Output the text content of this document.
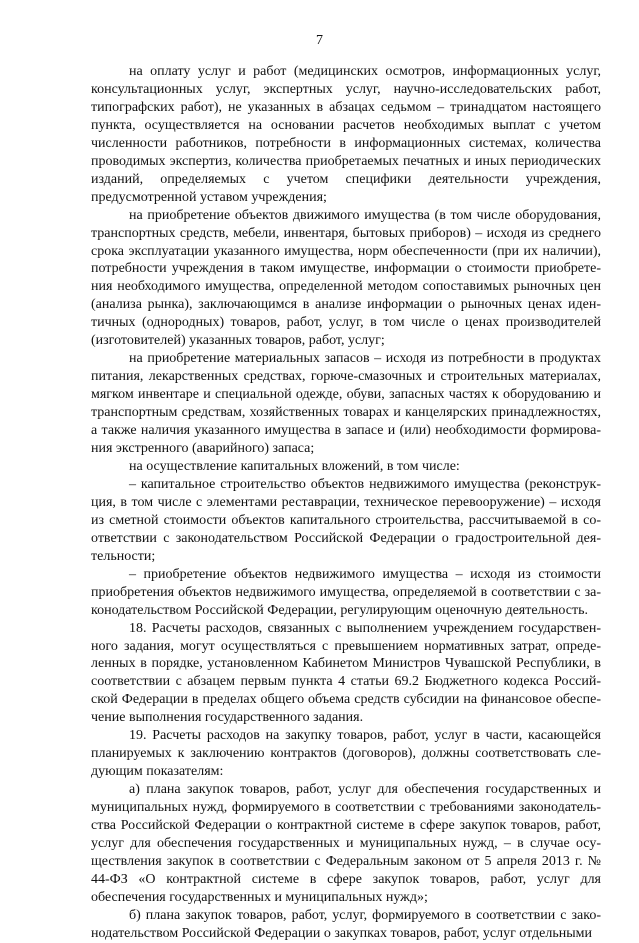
7

на оплату услуг и работ (медицинских осмотров, информационных услуг, консультационных услуг, экспертных услуг, научно-исследовательских работ, типографских работ), не указанных в абзацах седьмом – тринадцатом настоящего пункта, осуществляется на основании расчетов необходимых выплат с учетом численности работников, потребности в информационных системах, количества проводимых экспертиз, количества приобретаемых печатных и иных периодических изданий, определяемых с учетом специфики деятельности учреждения, предусмотренной уставом учреждения;

на приобретение объектов движимого имущества (в том числе оборудования, транспортных средств, мебели, инвентаря, бытовых приборов) – исходя из среднего срока эксплуатации указанного имущества, норм обеспеченности (при их наличии), потребности учреждения в таком имуществе, информации о стоимости приобретения необходимого имущества, определенной методом сопоставимых рыночных цен (анализа рынка), заключающимся в анализе информации о рыночных ценах идентичных (однородных) товаров, работ, услуг, в том числе о ценах производителей (изготовителей) указанных товаров, работ, услуг;

на приобретение материальных запасов – исходя из потребности в продуктах питания, лекарственных средствах, горюче-смазочных и строительных материалах, мягком инвентаре и специальной одежде, обуви, запасных частях к оборудованию и транспортным средствам, хозяйственных товарах и канцелярских принадлежностях, а также наличия указанного имущества в запасе и (или) необходимости формирования экстренного (аварийного) запаса;

на осуществление капитальных вложений, в том числе:

– капитальное строительство объектов недвижимого имущества (реконструкция, в том числе с элементами реставрации, техническое перевооружение) – исходя из сметной стоимости объектов капитального строительства, рассчитываемой в соответствии с законодательством Российской Федерации о градостроительной деятельности;

– приобретение объектов недвижимого имущества – исходя из стоимости приобретения объектов недвижимого имущества, определяемой в соответствии с законодательством Российской Федерации, регулирующим оценочную деятельность.

18. Расчеты расходов, связанных с выполнением учреждением государственного задания, могут осуществляться с превышением нормативных затрат, определенных в порядке, установленном Кабинетом Министров Чувашской Республики, в соответствии с абзацем первым пункта 4 статьи 69.2 Бюджетного кодекса Российской Федерации в пределах общего объема средств субсидии на финансовое обеспечение выполнения государственного задания.

19. Расчеты расходов на закупку товаров, работ, услуг в части, касающейся планируемых к заключению контрактов (договоров), должны соответствовать следующим показателям:

а) плана закупок товаров, работ, услуг для обеспечения государственных и муниципальных нужд, формируемого в соответствии с требованиями законодательства Российской Федерации о контрактной системе в сфере закупок товаров, работ, услуг для обеспечения государственных и муниципальных нужд, – в случае осуществления закупок в соответствии с Федеральным законом от 5 апреля 2013 г. № 44-ФЗ «О контрактной системе в сфере закупок товаров, работ, услуг для обеспечения государственных и муниципальных нужд»;

б) плана закупок товаров, работ, услуг, формируемого в соответствии с законодательством Российской Федерации о закупках товаров, работ, услуг отдельными
